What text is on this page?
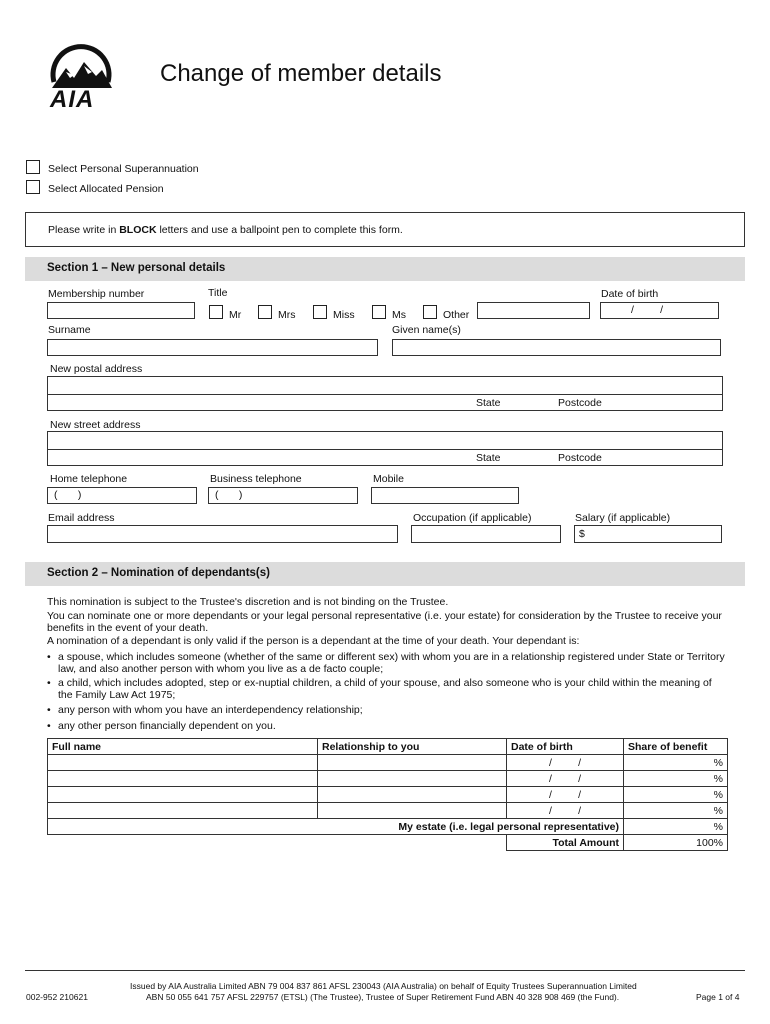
AIA
Change of member details
Select Personal Superannuation
Select Allocated Pension
Please write in BLOCK letters and use a ballpoint pen to complete this form.
Section 1 – New personal details
Membership number	Title
Mr	Mrs	Miss	Ms	Other
Date of birth
/         /
Surname	Given name(s)
New postal address
State	Postcode
New street address
State	Postcode
Home telephone
(       )
Business telephone
(       )
Mobile
Email address	Occupation (if applicable)	Salary (if applicable)
$
Section 2 – Nomination of dependants(s)
This nomination is subject to the Trustee's discretion and is not binding on the Trustee.
You can nominate one or more dependants or your legal personal representative (i.e. your estate) for consideration by the Trustee to receive your benefits in the event of your death.
A nomination of a dependant is only valid if the person is a dependant at the time of your death. Your dependant is:
• a spouse, which includes someone (whether of the same or different sex) with whom you are in a relationship registered under State or Territory law, and also another person with whom you live as a de facto couple;
• a child, which includes adopted, step or ex-nuptial children, a child of your spouse, and also someone who is your child within the meaning of the Family Law Act 1975;
• any person with whom you have an interdependency relationship;
• any other person financially dependent on you.
Full name	Relationship to you	Date of birth	Share of benefit
		/         /	%
		/         /	%
		/         /	%
		/         /	%
My estate (i.e. legal personal representative)			%
		Total Amount	100%
002-952 210621
Issued by AIA Australia Limited ABN 79 004 837 861 AFSL 230043 (AIA Australia) on behalf of Equity Trustees Superannuation Limited
ABN 50 055 641 757 AFSL 229757 (ETSL) (The Trustee), Trustee of Super Retirement Fund ABN 40 328 908 469 (the Fund).	Page 1 of 4
